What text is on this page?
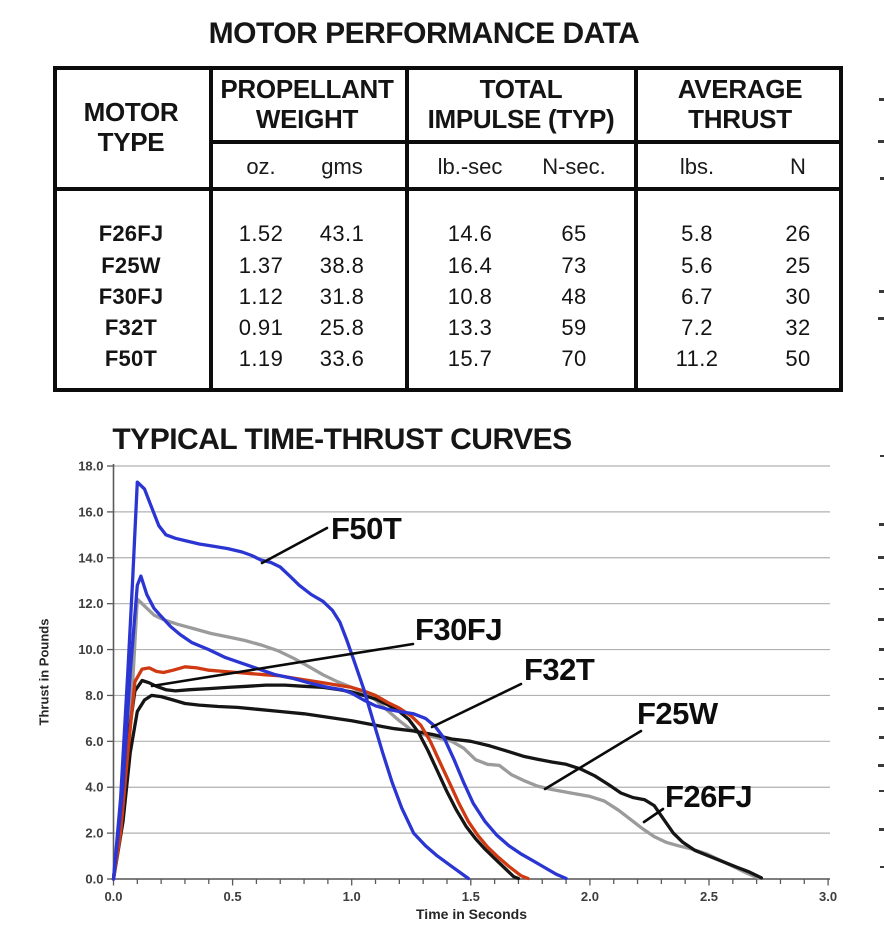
MOTOR PERFORMANCE DATA
MOTOR
TYPE
PROPELLANT
WEIGHT
TOTAL
IMPULSE (TYP)
AVERAGE
THRUST
oz. gms	lb.-sec N-sec.	lbs.	N
F26FJ	1.52 43.1	14.6	65	5.8	26
F25W	1.37 38.8	16.4	73	5.6	25
F30FJ	1.12 31.8	10.8	48	6.7	30
F32T	0.91 25.8	13.3	59	7.2	32
F50T	1.19 33.6	15.7	70	11.2	50
TYPICAL TIME-THRUST CURVES
0.0
2.0
4.0
6.0
8.0
10.0
12.0
14.0
16.0
18.0
0.0	0.5	1.0	1.5	2.0	2.5	3.0
Thrust in Pounds
Time in Seconds
F50T
F30FJ
F32T
F25W
F26FJ
